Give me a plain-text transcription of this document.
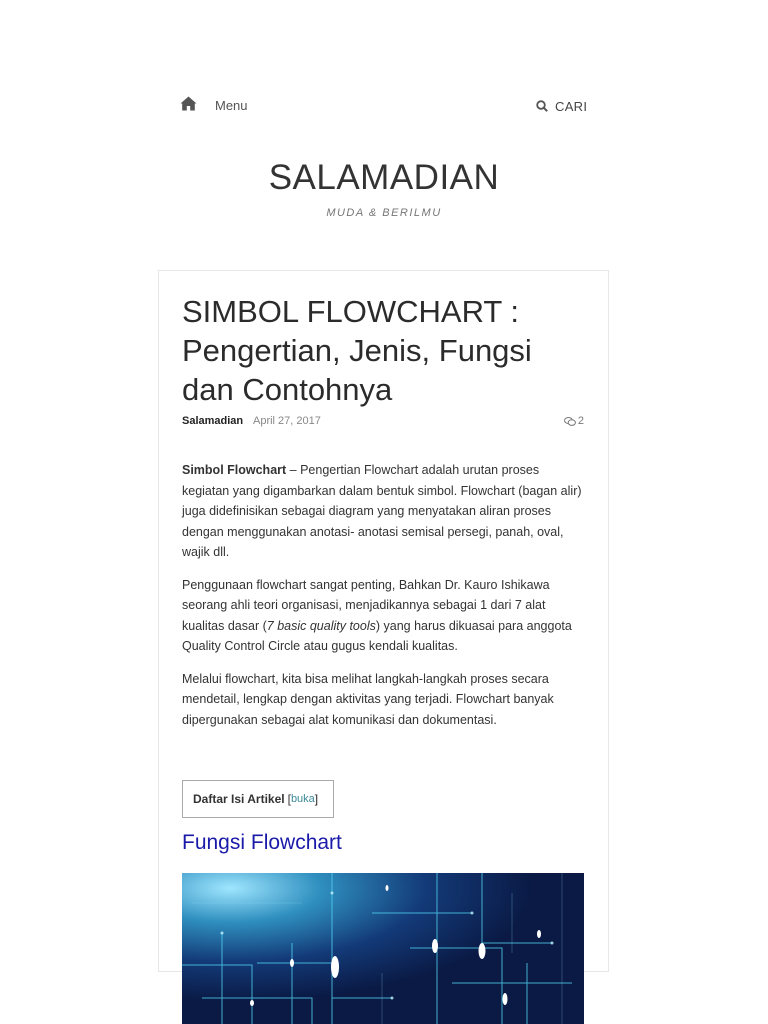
Menu	CARI
SALAMADIAN
MUDA & BERILMU
SIMBOL FLOWCHART : Pengertian, Jenis, Fungsi dan Contohnya
Salamadian April 27, 2017	2

Simbol Flowchart – Pengertian Flowchart adalah urutan proses kegiatan yang digambarkan dalam bentuk simbol. Flowchart (bagan alir) juga didefinisikan sebagai diagram yang menyatakan aliran proses dengan menggunakan anotasi- anotasi semisal persegi, panah, oval, wajik dll.

Penggunaan flowchart sangat penting, Bahkan Dr. Kauro Ishikawa seorang ahli teori organisasi, menjadikannya sebagai 1 dari 7 alat kualitas dasar (7 basic quality tools) yang harus dikuasai para anggota Quality Control Circle atau gugus kendali kualitas.

Melalui flowchart, kita bisa melihat langkah-langkah proses secara mendetail, lengkap dengan aktivitas yang terjadi. Flowchart banyak dipergunakan sebagai alat komunikasi dan dokumentasi.

Daftar Isi Artikel [ buka ]
Fungsi Flowchart
